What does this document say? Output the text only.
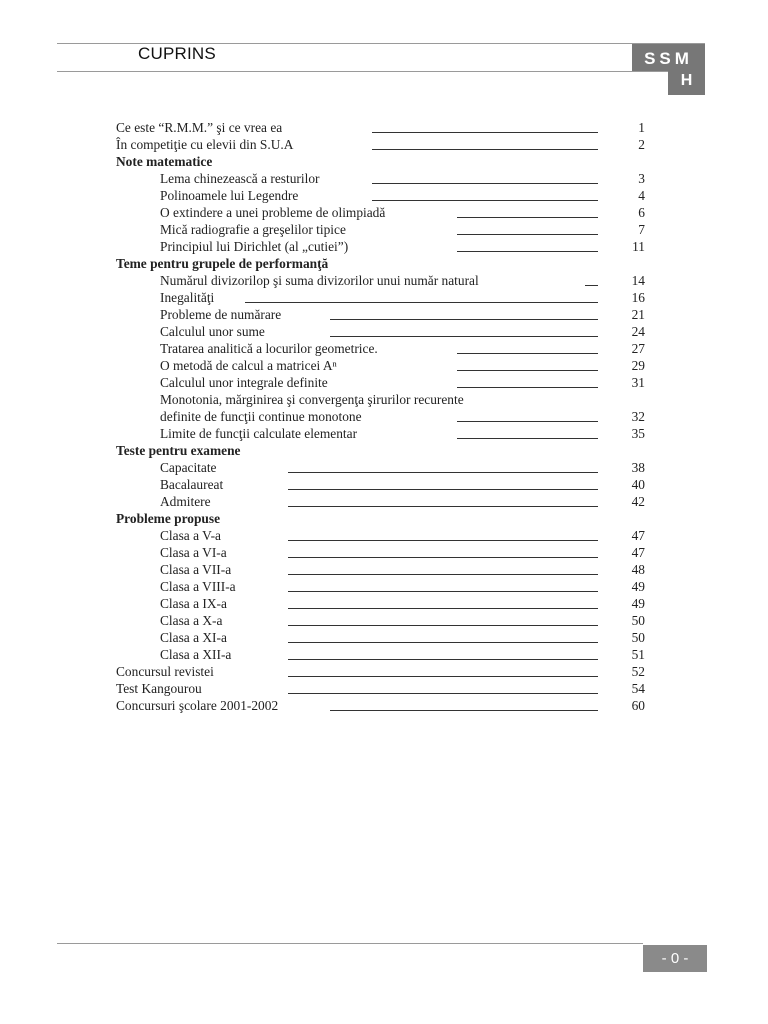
CUPRINS	SSM
H
Ce este “R.M.M.” şi ce vrea ea	1
În competiţie cu elevii din S.U.A	2
Note matematice
Lema chinezească a resturilor	3
Polinoamele lui Legendre	4
O extindere a unei probleme de olimpiadă	6
Mică radiografie a greşelilor tipice	7
Principiul lui Dirichlet (al „cutiei”)	11
Teme pentru grupele de performanţă
Numărul divizorilop şi suma divizorilor unui număr natural	14
Inegalităţi	16
Probleme de numărare	21
Calculul unor sume	24
Tratarea analitică a locurilor geometrice.	27
O metodă de calcul a matricei Aⁿ	29
Calculul unor integrale definite	31
Monotonia, mărginirea şi convergenţa şirurilor recurente
definite de funcţii continue monotone	32
Limite de funcţii calculate elementar	35
Teste pentru examene
Capacitate	38
Bacalaureat	40
Admitere	42
Probleme propuse
Clasa a V-a	47
Clasa a VI-a	47
Clasa a VII-a	48
Clasa a VIII-a	49
Clasa a IX-a	49
Clasa a X-a	50
Clasa a XI-a	50
Clasa a XII-a	51
Concursul revistei	52
Test Kangourou	54
Concursuri şcolare 2001-2002	60
- 0 -
